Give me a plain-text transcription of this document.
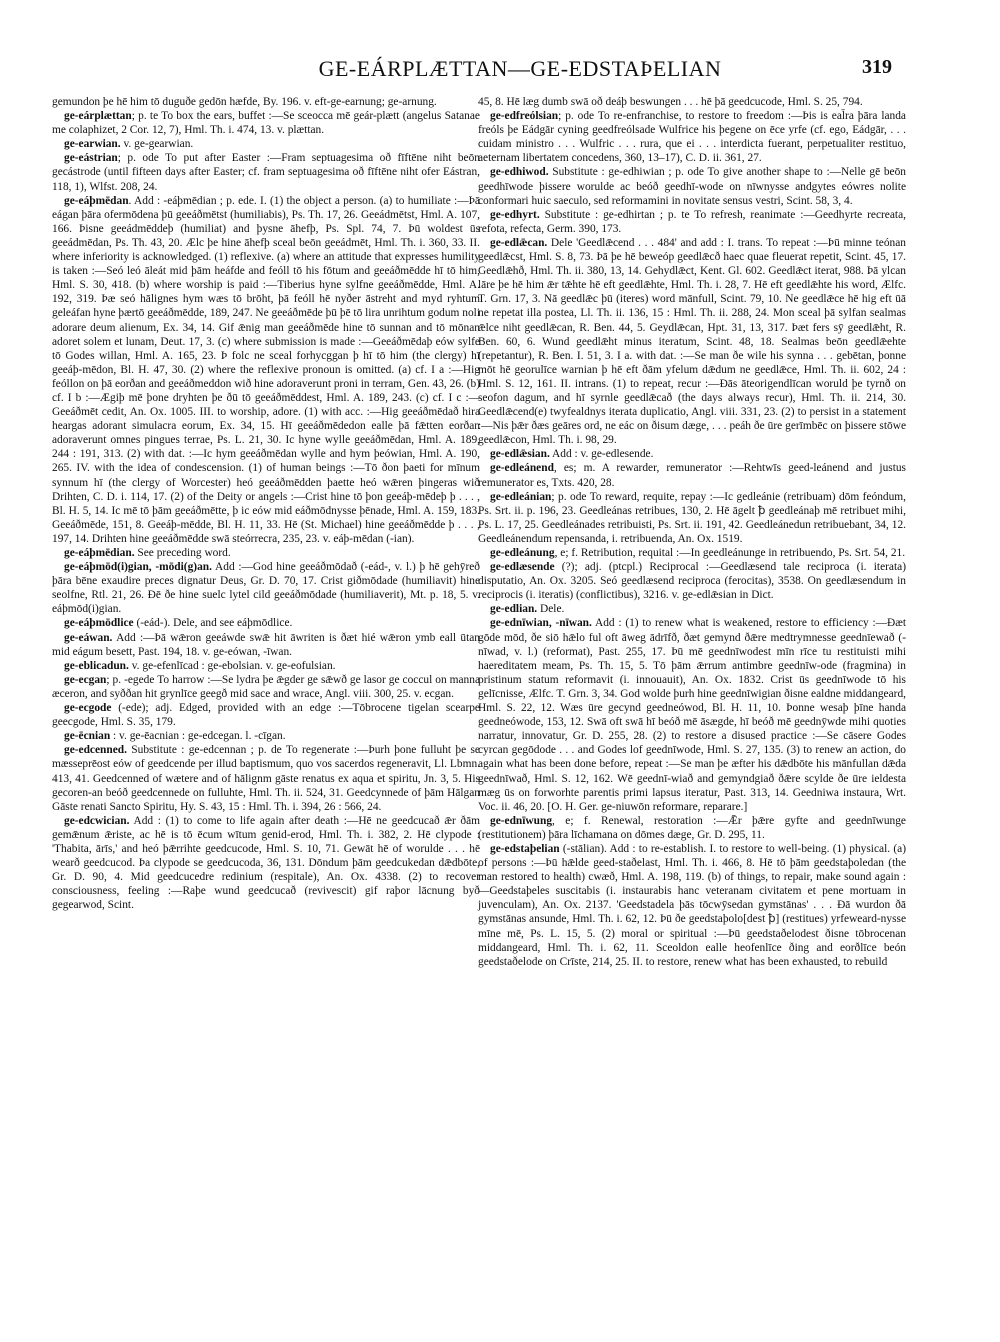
GE-EÁRPLÆTTAN—GE-EDSTAÞELIAN	319

gemundon þe hē him tō duguðe gedōn hæfde, By. 196. v. eft-ge-earnung; ge-arnung.

ge-eárplættan; p. te To box the ears, buffet :—Se sceocca mē geár-plætt (angelus Satanae me colaphizet, 2 Cor. 12, 7), Hml. Th. i. 474, 13. v. plættan.

ge-earwian. v. ge-gearwian.

ge-eástrian; p. ode To put after Easter :—Fram septuagesima oð fīftēne niht beōn gecástrode (until fifteen days after Easter; cf. fram septuagesima oð fīftēne niht ofer Eástran, 118, 1), Wlfst. 208, 24.

ge-eáþmēdan. Add : -eáþmēdian ; p. ede. I. (1) the object a person. (a) to humiliate :—Þā eágan þāra ofermōdena þū geeáðmētst (humiliabis), Ps. Th. 17, 26. Geeádmētst, Hml. A. 107, 166. Þisne geeádmēddeþ (humiliat) and þysne āhefþ, Ps. Spl. 74, 7. Þū woldest ūs geeádmēdan, Ps. Th. 43, 20. Ælc þe hine āhefþ sceal beōn geeádmēt, Hml. Th. i. 360, 33. II. where inferiority is acknowledged. (1) reflexive. (a) where an attitude that expresses humility is taken :—Seó leó āleát mid þām heáfde and feóll tō his fōtum and geeáðmēdde hī tō him, Hml. S. 30, 418. (b) where worship is paid :—Tiberius hyne sylfne geeáðmēdde, Hml. A. 192, 319. Þæ seó hālignes hym wæs tō brōht, þā feóll hē nyðer āstreht and myd ryhtum geleáfan hyne þærtō geeáðmēdde, 189, 247. Ne geeáðmēde þū þē tō lira unrihtum godum noli adorare deum alienum, Ex. 34, 14. Gif ǣnig man geeáðmēde hine tō sunnan and tō mōnan adoret solem et lunam, Deut. 17, 3. (c) where submission is made :—Geeáðmēdaþ eów sylfe tō Godes willan, Hml. A. 165, 23. Þ folc ne sceal forhycggan þ hī tō him (the clergy) hī geeáþ-mēdon, Bl. H. 47, 30. (2) where the reflexive pronoun is omitted. (a) cf. I a :—Hig feóllon on þā eorðan and geeáðmeddon wið hine adoraverunt proni in terram, Gen. 43, 26. (b) cf. I b :—Ægiþ mē þone dryhten þe ðū tō geeáðmēddest, Hml. A. 189, 243. (c) cf. I c :—Geeáðmēt cedit, An. Ox. 1005. III. to worship, adore. (1) with acc. :—Hig geeáðmēdað hira heargas adorant simulacra eorum, Ex. 34, 15. Hī geeáðmēdedon ealle þā fǣtten eorðan adoraverunt omnes pingues terrae, Ps. L. 21, 30. Ic hyne wylle geeáðmēdan, Hml. A. 189, 244 : 191, 313. (2) with dat. :—Ic hym geeáðmēdan wylle and hym þeówian, Hml. A. 190, 265. IV. with the idea of condescension. (1) of human beings :—Tō ðon þaeti for mīnum synnum hī (the clergy of Worcester) heó geeáðmēdden þaette heó wǣren þingeras wið Drihten, C. D. i. 114, 17. (2) of the Deity or angels :—Crist hine tō þon geeáþ-mēdeþ þ . . . , Bl. H. 5, 14. Ic mē tō þām geeáðmētte, þ ic eów mid eáðmōdnysse þēnade, Hml. A. 159, 183. Geeáðmēde, 151, 8. Geeáþ-mēdde, Bl. H. 11, 33. Hē (St. Michael) hine geeáðmēdde þ . . . , 197, 14. Drihten hine geeáðmēdde swā steórrecra, 235, 23. v. eáþ-mēdan (-ian).

ge-eáþmēdian. See preceding word.

ge-eáþmōd(i)gian, -mōdi(g)an. Add :—God hine geeáðmōdað (-eád-, v. l.) þ hē gehȳreð þāra bēne exaudire preces dignatur Deus, Gr. D. 70, 17. Crist giðmōdade (humiliavit) hine seolfne, Rtl. 21, 26. Ðē ðe hine suelc lytel cild geeáðmōdade (humiliaverit), Mt. p. 18, 5. v. eáþmōd(i)gian.

ge-eáþmōdlice (-eád-). Dele, and see eáþmōdlice.

ge-eáwan. Add :—Þā wǣron geeáwde swǣ hit āwriten is ðæt hié wǣron ymb eall ūtan mid eágum besett, Past. 194, 18. v. ge-eówan, -īwan.

ge-eblicadun. v. ge-efenlīcad : ge-ebolsian. v. ge-eofulsian.

ge-ecgan; p. -egede To harrow :—Se lydra þe ǣgder ge sǣwð ge lasor ge coccul on manna æceron, and syððan hit grynlīce geegð mid sace and wrace, Angl. viii. 300, 25. v. ecgan.

ge-ecgode (-ede); adj. Edged, provided with an edge :—Tōbrocene tigelan scearpe geecgode, Hml. S. 35, 179.

ge-ēcnian : v. ge-ēacnian : ge-edcegan. l. -cīgan.

ge-edcenned. Substitute : ge-edcennan ; p. de To regenerate :—Þurh þone fulluht þe se mæsseprēost eów of geedcende per illud baptismum, quo vos sacerdos regeneravit, Ll. Lbmn. 413, 41. Geedcenned of wætere and of hālignm gāste renatus ex aqua et spiritu, Jn. 3, 5. His gecoren-an beóð geedcennede on fulluhte, Hml. Th. ii. 524, 31. Geedcynnede of þām Hālgan Gāste renati Sancto Spiritu, Hy. S. 43, 15 : Hml. Th. i. 394, 26 : 566, 24.

ge-edcwician. Add : (1) to come to life again after death :—Hē ne geedcucað ǣr ðām gemǣnum ǣriste, ac hē is tō ēcum wītum genid-erod, Hml. Th. i. 382, 2. Hē clypode : 'Thabita, ārīs,' and heó þǣrrihte geedcucode, Hml. S. 10, 71. Gewāt hē of worulde . . . hē wearð geedcucod. Þa clypode se geedcucoda, 36, 131. Dōndum þām geedcukedan dǣdbōte, Gr. D. 90, 4. Mid geedcucedre redinium (respitale), An. Ox. 4338. (2) to recover consciousness, feeling :—Raþe wund geedcucað (revivescit) gif raþor lācnung byð gegearwod, Scint.

45, 8. Hē læg dumb swā oð deáþ beswungen . . . hē þā geedcucode, Hml. S. 25, 794.

ge-edfreólsian; p. ode To re-enfranchise, to restore to freedom :—Þis is eal̄ra þāra landa freóls þe Eádgār cyning geedfreólsade Wulfrice his þegene on ēce yrfe (cf. ego, Eádgār, . . . cuidam ministro . . . Wulfric . . . rura, que ei . . . interdicta fuerant, perpetualiter restituo, aeternam libertatem concedens, 360, 13–17), C. D. ii. 361, 27.

ge-edhiwod. Substitute : ge-edhiwian ; p. ode To give another shape to :—Nelle gē beōn geedhīwode þissere worulde ac beóð geedhī-wode on nīwnysse andgytes eówres nolite conformari huic saeculo, sed reformamini in novitate sensus vestri, Scint. 58, 3, 4.

ge-edhyrt. Substitute : ge-edhirtan ; p. te To refresh, reanimate :—Geedhyrte recreata, refota, refecta, Germ. 390, 173.

ge-edlǣcan. Dele 'Geedlǣcend . . . 484' and add : I. trans. To repeat :—Þū minne teónan geedlǣcst, Hml. S. 8, 73. Þā þe hē beweóp geedlǣcð haec quae fleuerat repetit, Scint. 45, 17. Geedlǣhð, Hml. Th. ii. 380, 13, 14. Gehydlǣct, Kent. Gl. 602. Geedlǣct iterat, 988. Þā ylcan lāre þe hē him ǣr tǣhte hē eft geedlǣhte, Hml. Th. i. 28, 7. Hē eft geedlǣhte his word, Ælfc. T. Grn. 17, 3. Nā geedlǣc þū (iteres) word mānfull, Scint. 79, 10. Ne geedlǣce hē hig eft ūā ne repetat illa postea, Ll. Th. ii. 136, 15 : Hml. Th. ii. 288, 24. Mon sceal þā sylfan sealmas ǣlce niht geedlǣcan, R. Ben. 44, 5. Geydlǣcan, Hpt. 31, 13, 317. Þæt fers sȳ geedlǣht, R. Ben. 60, 6. Wund geedlǣht minus iteratum, Scint. 48, 18. Sealmas beōn geedlǣehte (repetantur), R. Ben. I. 51, 3. I a. with dat. :—Se man ðe wile his synna . . . gebētan, þonne mōt hē georulīce warnian þ hē eft ðām yfelum dǣdum ne geedlǣce, Hml. Th. ii. 602, 24 : Hml. S. 12, 161. II. intrans. (1) to repeat, recur :—Ðās āteorigendlīcan woruld þe tyrnð on seofon dagum, and hī syrnle geedlǣcað (the days always recur), Hml. Th. ii. 214, 30. Geedlǣcend(e) twyfealdnys iterata duplicatio, Angl. viii. 331, 23. (2) to persist in a statement :—Nis þǣr ðæs geāres ord, ne eác on ðisum dæge, . . . peáh ðe ūre gerīmbēc on þissere stōwe geedlǣcon, Hml. Th. i. 98, 29.

ge-edlǣsian. Add : v. ge-edlesende.

ge-edleánend, es; m. A rewarder, remunerator :—Rehtwīs geed-leánend and justus remunerator es, Txts. 420, 28.

ge-edleánian; p. ode To reward, requite, repay :—Ic gedleánie (retribuam) dōm feóndum, Ps. Srt. ii. p. 196, 23. Geedleánas retribues, 130, 2. Hē āgelt ꝥ geedleánaþ mē retribuet mihi, Ps. L. 17, 25. Geedleánades retribuisti, Ps. Srt. ii. 191, 42. Geedleánedun retribuebant, 34, 12. Geedleánendum repensanda, i. retribuenda, An. Ox. 1519.

ge-edleánung, e; f. Retribution, requital :—In geedleánunge in retribuendo, Ps. Srt. 54, 21.

ge-edlæsende (?); adj. (ptcpl.) Reciprocal :—Geedlæsend tale reciproca (i. iterata) disputatio, An. Ox. 3205. Seó geedlæsend reciproca (ferocitas), 3538. On geedlæsendum in reciprocis (i. iteratis) (conflictibus), 3216. v. ge-edlǣsian in Dict.

ge-edlian. Dele.

ge-ednīwian, -nīwan. Add : (1) to renew what is weakened, restore to efficiency :—Ðæt gōde mōd, ðe siō hǣlo ful oft āweg ādrīfð, ðæt gemynd ðǣre medtrymnesse geednīewað (-nīwad, v. l.) (reformat), Past. 255, 17. Þū mē geednīwodest mīn rīce tu restituisti mihi haereditatem meam, Ps. Th. 15, 5. Tō þām ǣrrum antimbre geednīw-ode (fragmina) in pristinum statum reformavit (i. innouauit), An. Ox. 1832. Crist ūs geednīwode tō his gelīcnisse, Ælfc. T. Grn. 3, 34. God wolde þurh hine geednīwigian ðisne ealdne middangeard, Hml. S. 22, 12. Wæs ūre gecynd geedneówod, Bl. H. 11, 10. Þonne wesaþ þīne handa geedneówode, 153, 12. Swā oft swā hī beóð mē āsægde, hī beóð mē geednȳwde mihi quoties narratur, innovatur, Gr. D. 255, 28. (2) to restore a disused practice :—Se cāsere Godes cyrcan gegōdode . . . and Godes lof geednīwode, Hml. S. 27, 135. (3) to renew an action, do again what has been done before, repeat :—Se man þe æfter his dǣdbōte his mānfullan dǣda geednīwað, Hml. S. 12, 162. Wē geednī-wiað and gemyndgiað ðǣre scylde ðe ūre ieldesta mæg ūs on forworhte parentis primi lapsus iteratur, Past. 313, 14. Geedniwa instaura, Wrt. Voc. ii. 46, 20. [O. H. Ger. ge-niuwōn reformare, reparare.]

ge-ednīwung, e; f. Renewal, restoration :—Ǣr þǣre gyfte and geednīwunge (restitutionem) þāra līchamana on dōmes dæge, Gr. D. 295, 11.

ge-edstaþelian (-stālian). Add : to re-establish. I. to restore to well-being. (1) physical. (a) of persons :—Þū hǣlde geed-staðelast, Hml. Th. i. 466, 8. Hē tō þām geedstaþoledan (the man restored to health) cwæð, Hml. A. 198, 119. (b) of things, to repair, make sound again :—Geedstaþeles suscitabis (i. instaurabis hanc veteranam civitatem et pene mortuam in juvenculam), An. Ox. 2137. 'Geedstadela þās tōcwȳsedan gymstānas' . . . Ðā wurdon ðā gymstānas ansunde, Hml. Th. i. 62, 12. Þū ðe geedstaþolo[dest ꝥ] (restitues) yrfeweard-nysse mīne mē, Ps. L. 15, 5. (2) moral or spiritual :—Þū geedstaðelodest ðisne tōbrocenan middangeard, Hml. Th. i. 62, 11. Sceoldon ealle heofenlīce ðing and eorðlīce beón geedstaðelode on Crīste, 214, 25. II. to restore, renew what has been exhausted, to rebuild
